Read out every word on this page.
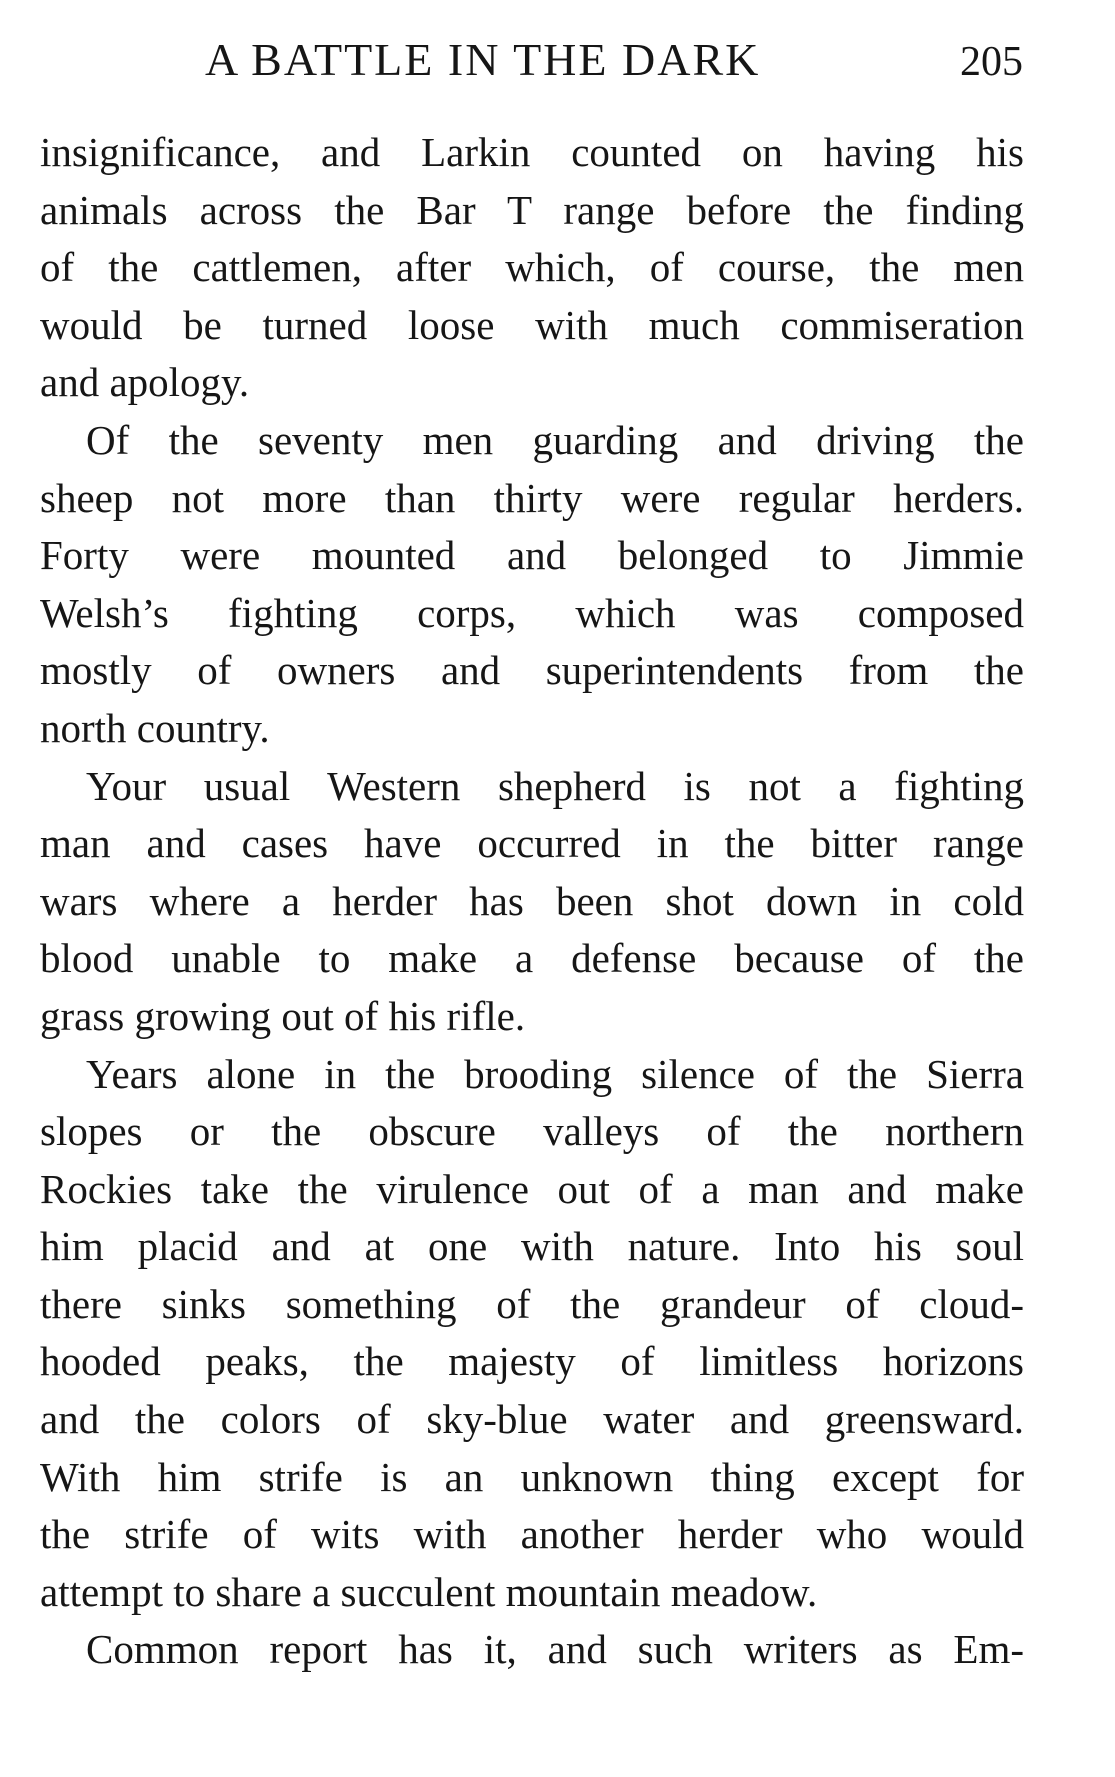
A BATTLE IN THE DARK	205

insignificance, and Larkin counted on having his

animals across the Bar T range before the finding

of the cattlemen, after which, of course, the men

would be turned loose with much commiseration

and apology.

Of the seventy men guarding and driving the

sheep not more than thirty were regular herders.

Forty were mounted and belonged to Jimmie

Welsh’s fighting corps, which was composed

mostly of owners and superintendents from the

north country.

Your usual Western shepherd is not a fighting

man and cases have occurred in the bitter range

wars where a herder has been shot down in cold

blood unable to make a defense because of the

grass growing out of his rifle.

Years alone in the brooding silence of the Sierra

slopes or the obscure valleys of the northern

Rockies take the virulence out of a man and make

him placid and at one with nature. Into his soul

there sinks something of the grandeur of cloud-

hooded peaks, the majesty of limitless horizons

and the colors of sky-blue water and greensward.

With him strife is an unknown thing except for

the strife of wits with another herder who would

attempt to share a succulent mountain meadow.

Common report has it, and such writers as Em-
